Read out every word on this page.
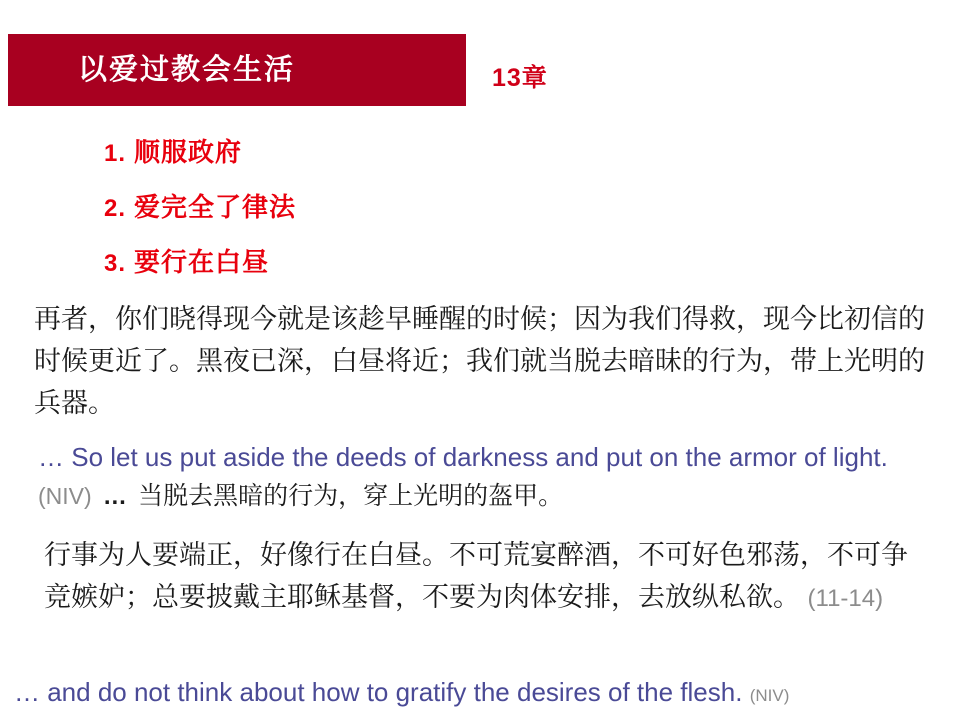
以爱过教会生活	13章
1. 顺服政府
2. 爱完全了律法
3. 要行在白昼
再者，你们晓得现今就是该趁早睡醒的时候；因为我们得救，现今比初信的时候更近了。黑夜已深，白昼将近；我们就当脱去暗昧的行为，带上光明的兵器。
… So let us put aside the deeds of darkness and put on the armor of light. (NIV) … 当脱去黑暗的行为，穿上光明的盔甲。
行事为人要端正，好像行在白昼。不可荒宴醉酒，不可好色邪荡，不可争竞嫉妒；总要披戴主耶稣基督，不要为肉体安排，去放纵私欲。 (11-14)
… and do not think about how to gratify the desires of the flesh. (NIV)
